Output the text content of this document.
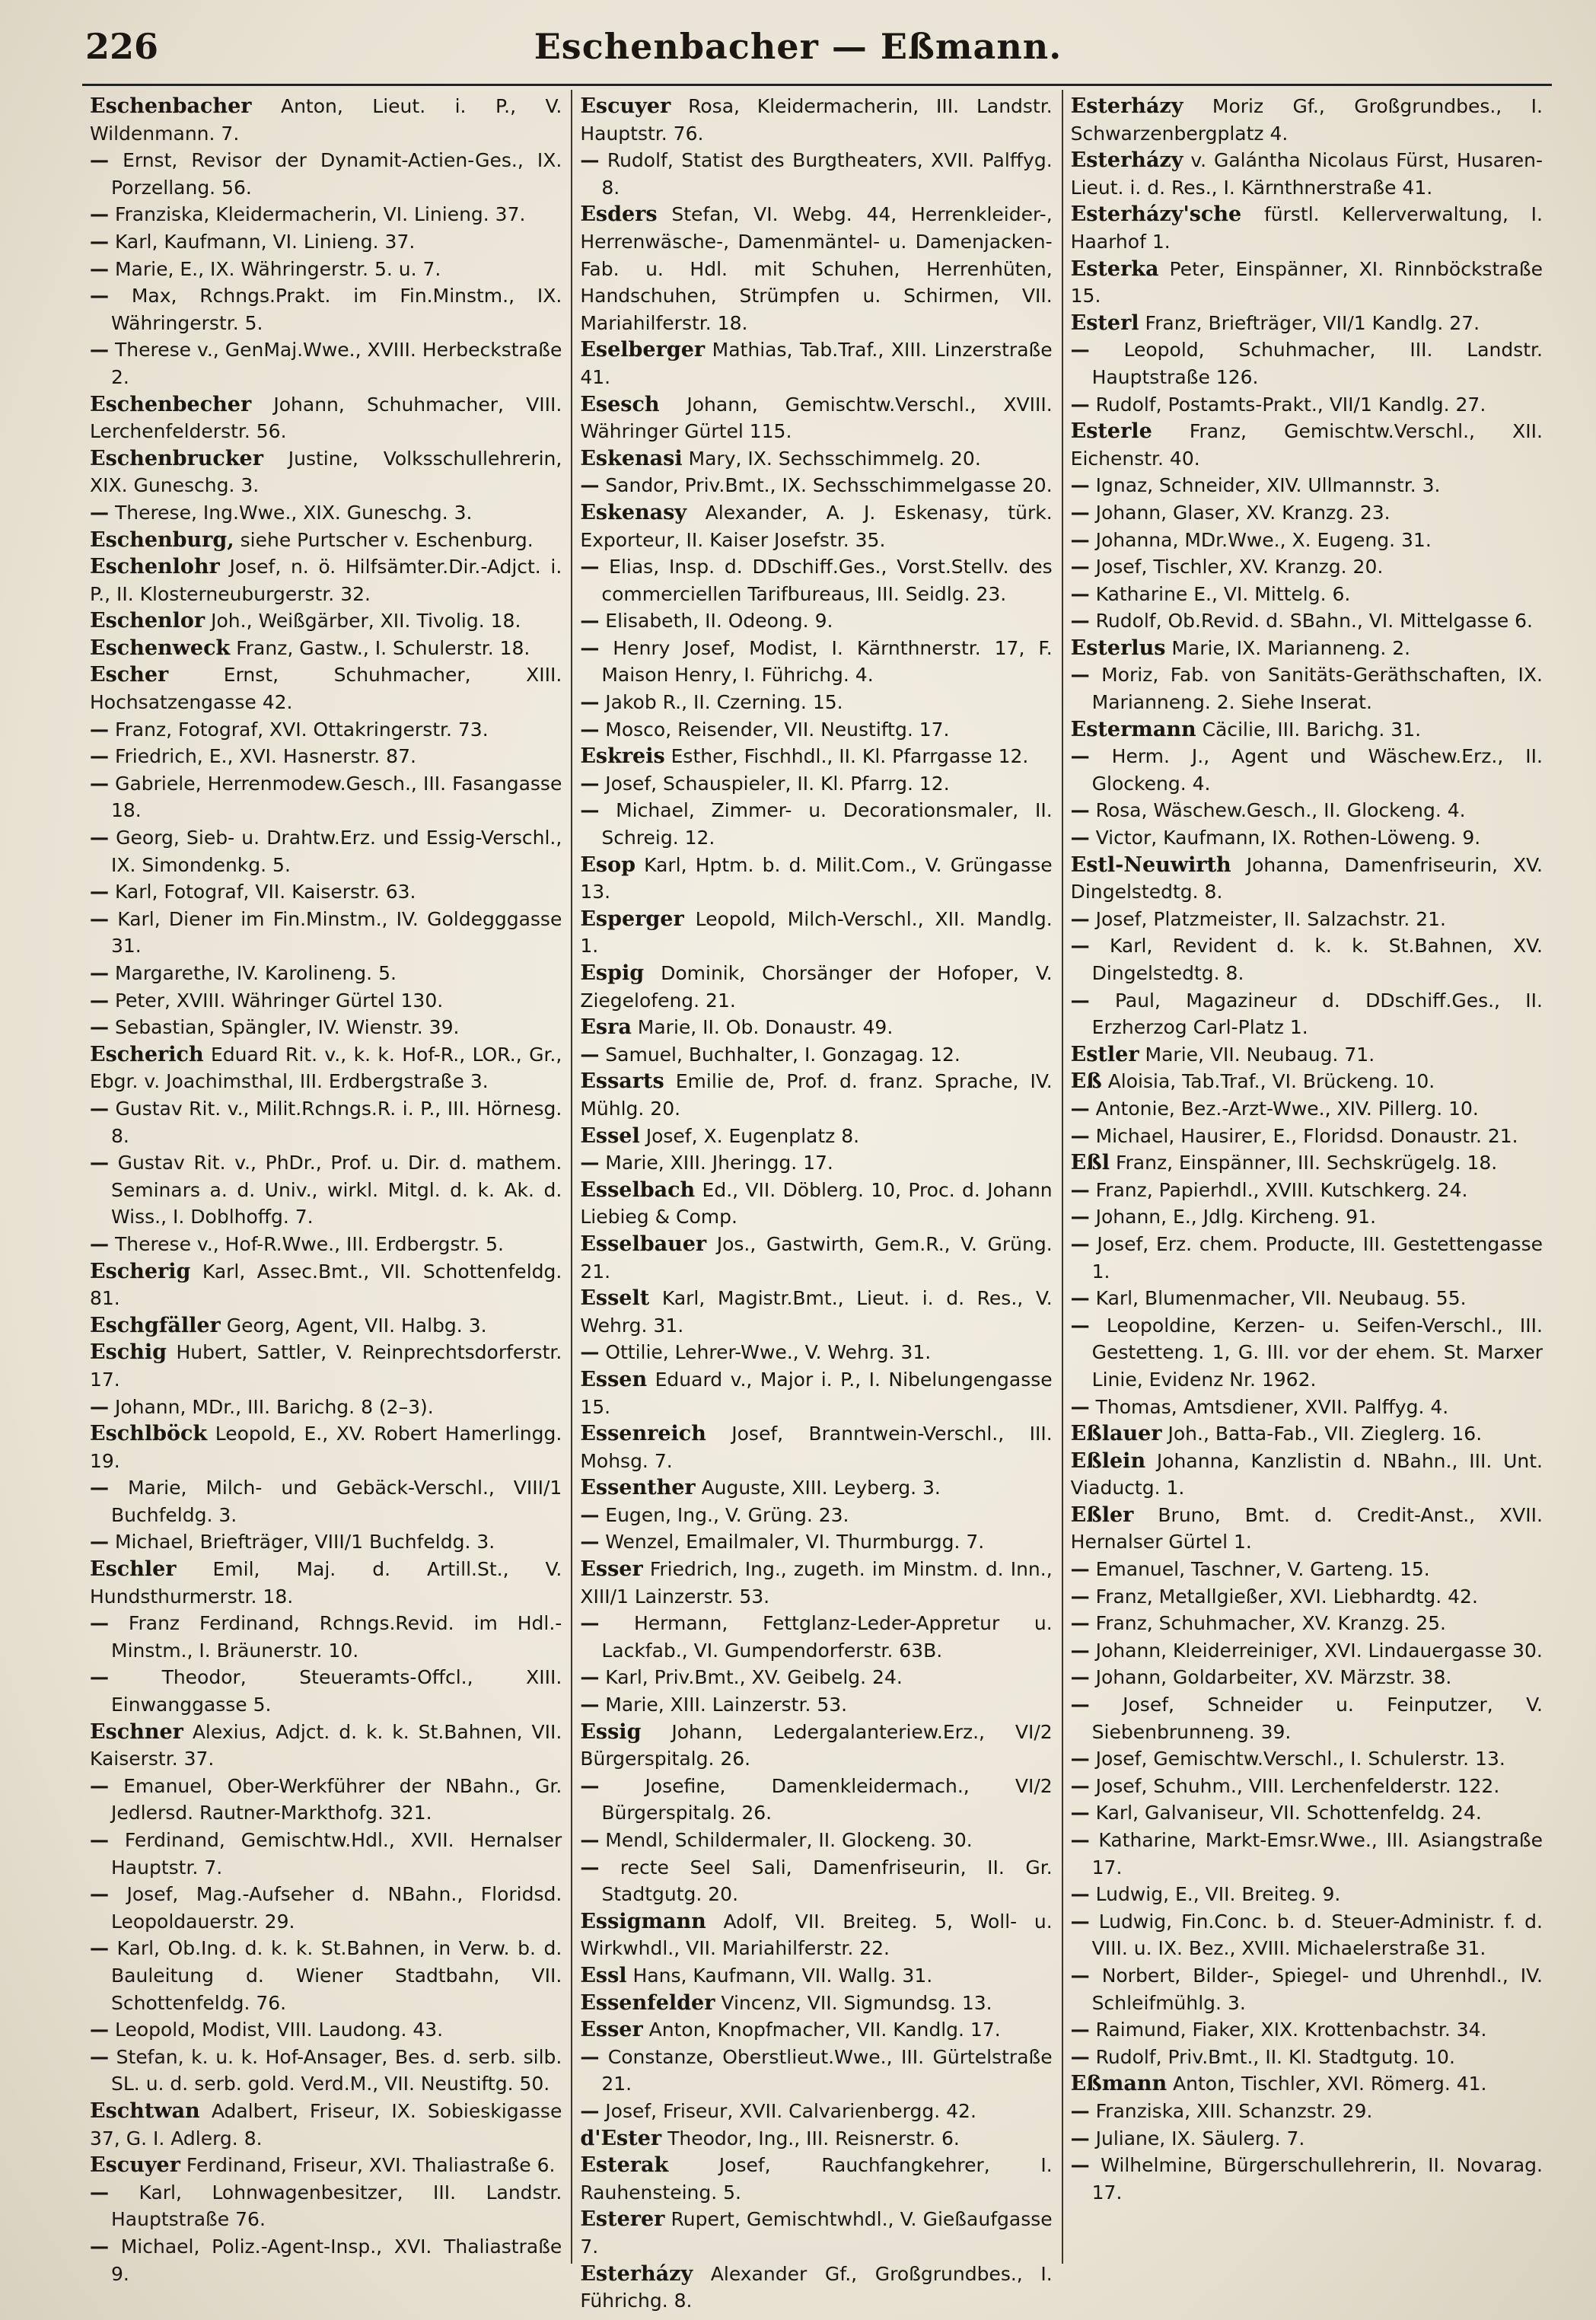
226	Eschenbacher — Eßmann.

Eschenbacher Anton, Lieut. i. P., V. Wildenmann. 7.

— Ernst, Revisor der Dynamit-Actien-Ges., IX. Porzellang. 56.

— Franziska, Kleidermacherin, VI. Linieng. 37.

— Karl, Kaufmann, VI. Linieng. 37.

— Marie, E., IX. Währingerstr. 5. u. 7.

— Max, Rchngs.Prakt. im Fin.Minstm., IX. Währingerstr. 5.

— Therese v., GenMaj.Wwe., XVIII. Herbeckstraße 2.

Eschenbecher Johann, Schuhmacher, VIII. Lerchenfelderstr. 56.

Eschenbrucker Justine, Volksschullehrerin, XIX. Guneschg. 3.

— Therese, Ing.Wwe., XIX. Guneschg. 3.

Eschenburg, siehe Purtscher v. Eschenburg.

Eschenlohr Josef, n. ö. Hilfsämter.Dir.-Adjct. i. P., II. Klosterneuburgerstr. 32.

Eschenlor Joh., Weißgärber, XII. Tivolig. 18.

Eschenweck Franz, Gastw., I. Schulerstr. 18.

Escher	Ernst, Schuhmacher, XIII. Hochsatzengasse 42.

— Franz, Fotograf, XVI. Ottakringerstr. 73.

— Friedrich, E., XVI. Hasnerstr. 87.

— Gabriele, Herrenmodew.Gesch., III. Fasangasse 18.

— Georg, Sieb- u. Drahtw.Erz. und Essig-Verschl., IX. Simondenkg. 5.

— Karl, Fotograf, VII. Kaiserstr. 63.

— Karl, Diener im Fin.Minstm., IV. Goldegggasse 31.

— Margarethe, IV. Karolineng. 5.

— Peter, XVIII. Währinger Gürtel 130.

— Sebastian, Spängler, IV. Wienstr. 39.

Escherich Eduard Rit. v., k. k. Hof-R., LOR., Gr., Ebgr. v. Joachimsthal, III. Erdbergstraße 3.

— Gustav Rit. v., Milit.Rchngs.R. i. P., III. Hörnesg. 8.

— Gustav Rit. v., PhDr., Prof. u. Dir. d. mathem. Seminars a. d. Univ., wirkl. Mitgl. d. k. Ak. d. Wiss., I. Doblhoffg. 7.

— Therese v., Hof-R.Wwe., III. Erdbergstr. 5.

Escherig Karl, Assec.Bmt., VII. Schottenfeldg. 81.

Eschgfäller Georg, Agent, VII. Halbg. 3.

Eschig Hubert, Sattler, V. Reinprechtsdorferstr. 17.

— Johann, MDr., III. Barichg. 8 (2–3).

Eschlböck Leopold, E., XV. Robert Hamerlingg. 19.

— Marie, Milch- und Gebäck-Verschl., VIII/1 Buchfeldg. 3.

— Michael, Briefträger, VIII/1 Buchfeldg. 3.

Eschler Emil, Maj. d. Artill.St., V. Hundsthurmerstr. 18.

— Franz Ferdinand, Rchngs.Revid. im Hdl.-Minstm., I. Bräunerstr. 10.

—	Theodor, Steueramts-Offcl., XIII. Einwanggasse 5.

Eschner Alexius, Adjct. d. k. k. St.Bahnen, VII. Kaiserstr. 37.

— Emanuel, Ober-Werkführer der NBahn., Gr. Jedlersd. Rautner-Markthofg. 321.

— Ferdinand, Gemischtw.Hdl., XVII. Hernalser Hauptstr. 7.

— Josef, Mag.-Aufseher d. NBahn., Floridsd. Leopoldauerstr. 29.

— Karl, Ob.Ing. d. k. k. St.Bahnen, in Verw. b. d. Bauleitung d. Wiener Stadtbahn, VII. Schottenfeldg. 76.

— Leopold, Modist, VIII. Laudong. 43.

— Stefan, k. u. k. Hof-Ansager, Bes. d. serb. silb. SL. u. d. serb. gold. Verd.M., VII. Neustiftg. 50.

Eschtwan Adalbert, Friseur, IX. Sobieskigasse 37, G. I. Adlerg. 8.

Escuyer Ferdinand, Friseur, XVI. Thaliastraße 6.

— Karl, Lohnwagenbesitzer, III. Landstr. Hauptstraße 76.

— Michael, Poliz.-Agent-Insp., XVI. Thaliastraße 9.

Escuyer Rosa, Kleidermacherin, III. Landstr. Hauptstr. 76.

— Rudolf, Statist des Burgtheaters, XVII. Palffyg. 8.

Esders Stefan, VI. Webg. 44, Herrenkleider-, Herrenwäsche-, Damenmäntel- u. Damenjacken-Fab. u. Hdl. mit Schuhen, Herrenhüten, Handschuhen, Strümpfen u. Schirmen, VII. Mariahilferstr. 18.

Eselberger Mathias, Tab.Traf., XIII. Linzerstraße 41.

Esesch Johann, Gemischtw.Verschl., XVIII. Währinger Gürtel 115.

Eskenasi Mary, IX. Sechsschimmelg. 20.

— Sandor, Priv.Bmt., IX. Sechsschimmelgasse 20.

Eskenasy Alexander, A. J. Eskenasy, türk. Exporteur, II. Kaiser Josefstr. 35.

— Elias, Insp. d. DDschiff.Ges., Vorst.Stellv. des commerciellen Tarifbureaus, III. Seidlg. 23.

— Elisabeth, II. Odeong. 9.

— Henry Josef, Modist, I. Kärnthnerstr. 17, F. Maison Henry, I. Führichg. 4.

— Jakob R., II. Czerning. 15.

— Mosco, Reisender, VII. Neustiftg. 17.

Eskreis Esther, Fischhdl., II. Kl. Pfarrgasse 12.

— Josef, Schauspieler, II. Kl. Pfarrg. 12.

— Michael, Zimmer- u. Decorationsmaler, II. Schreig. 12.

Esop Karl, Hptm. b. d. Milit.Com., V. Grüngasse 13.

Esperger Leopold, Milch-Verschl., XII. Mandlg. 1.

Espig Dominik, Chorsänger der Hofoper, V. Ziegelofeng. 21.

Esra Marie, II. Ob. Donaustr. 49.

— Samuel, Buchhalter, I. Gonzagag. 12.

Essarts Emilie de, Prof. d. franz. Sprache, IV. Mühlg. 20.

Essel Josef, X. Eugenplatz 8.

— Marie, XIII. Jheringg. 17.

Esselbach Ed., VII. Döblerg. 10, Proc. d. Johann Liebieg & Comp.

Esselbauer Jos., Gastwirth, Gem.R., V. Grüng. 21.

Esselt Karl, Magistr.Bmt., Lieut. i. d. Res., V. Wehrg. 31.

— Ottilie, Lehrer-Wwe., V. Wehrg. 31.

Essen Eduard v., Major i. P., I. Nibelungengasse 15.

Essenreich Josef, Branntwein-Verschl., III. Mohsg. 7.

Essenther Auguste, XIII. Leyberg. 3.

— Eugen, Ing., V. Grüng. 23.

— Wenzel, Emailmaler, VI. Thurmburgg. 7.

Esser Friedrich, Ing., zugeth. im Minstm. d. Inn., XIII/1 Lainzerstr. 53.

— Hermann, Fettglanz-Leder-Appretur u. Lackfab., VI. Gumpendorferstr. 63B.

— Karl, Priv.Bmt., XV. Geibelg. 24.

— Marie, XIII. Lainzerstr. 53.

Essig Johann, Ledergalanteriew.Erz., VI/2 Bürgerspitalg. 26.

— Josefine, Damenkleidermach., VI/2 Bürgerspitalg. 26.

— Mendl, Schildermaler, II. Glockeng. 30.

— recte Seel Sali, Damenfriseurin, II. Gr. Stadtgutg. 20.

Essigmann Adolf, VII. Breiteg. 5, Woll- u. Wirkwhdl., VII. Mariahilferstr. 22.

Essl Hans, Kaufmann, VII. Wallg. 31.

Essenfelder Vincenz, VII. Sigmundsg. 13.

Esser Anton, Knopfmacher, VII. Kandlg. 17.

— Constanze, Oberstlieut.Wwe., III. Gürtelstraße 21.

— Josef, Friseur, XVII. Calvarienbergg. 42.

d'Ester Theodor, Ing., III. Reisnerstr. 6.

Esterak	Josef, Rauchfangkehrer, I. Rauhensteing. 5.

Esterer Rupert, Gemischtwhdl., V. Gießaufgasse 7.

Esterházy Alexander Gf., Großgrundbes., I. Führichg. 8.

Esterházy Moriz Gf., Großgrundbes., I. Schwarzenbergplatz 4.

Esterházy v. Galántha Nicolaus Fürst, Husaren-Lieut. i. d. Res., I. Kärnthnerstraße 41.

Esterházy'sche fürstl. Kellerverwaltung, I. Haarhof 1.

Esterka Peter, Einspänner, XI. Rinnböckstraße 15.

Esterl Franz, Briefträger, VII/1 Kandlg. 27.

— Leopold, Schuhmacher, III. Landstr. Hauptstraße 126.

— Rudolf, Postamts-Prakt., VII/1 Kandlg. 27.

Esterle Franz, Gemischtw.Verschl., XII. Eichenstr. 40.

— Ignaz, Schneider, XIV. Ullmannstr. 3.

— Johann, Glaser, XV. Kranzg. 23.

— Johanna, MDr.Wwe., X. Eugeng. 31.

— Josef, Tischler, XV. Kranzg. 20.

— Katharine E., VI. Mittelg. 6.

— Rudolf, Ob.Revid. d. SBahn., VI. Mittelgasse 6.

Esterlus Marie, IX. Marianneng. 2.

— Moriz, Fab. von Sanitäts-Geräthschaften, IX. Marianneng. 2. Siehe Inserat.

Estermann Cäcilie, III. Barichg. 31.

— Herm. J., Agent und Wäschew.Erz., II. Glockeng. 4.

— Rosa, Wäschew.Gesch., II. Glockeng. 4.

— Victor, Kaufmann, IX. Rothen-Löweng. 9.

Estl-Neuwirth Johanna, Damenfriseurin, XV. Dingelstedtg. 8.

— Josef, Platzmeister, II. Salzachstr. 21.

— Karl, Revident d. k. k. St.Bahnen, XV. Dingelstedtg. 8.

— Paul, Magazineur d. DDschiff.Ges., II. Erzherzog Carl-Platz 1.

Estler Marie, VII. Neubaug. 71.

Eß Aloisia, Tab.Traf., VI. Brückeng. 10.

— Antonie, Bez.-Arzt-Wwe., XIV. Pillerg. 10.

— Michael, Hausirer, E., Floridsd. Donaustr. 21.

Eßl Franz, Einspänner, III. Sechskrügelg. 18.

— Franz, Papierhdl., XVIII. Kutschkerg. 24.

— Johann, E., Jdlg. Kircheng. 91.

— Josef, Erz. chem. Producte, III. Gestettengasse 1.

— Karl, Blumenmacher, VII. Neubaug. 55.

— Leopoldine, Kerzen- u. Seifen-Verschl., III. Gestetteng. 1, G. III. vor der ehem. St. Marxer Linie, Evidenz Nr. 1962.

— Thomas, Amtsdiener, XVII. Palffyg. 4.

Eßlauer Joh., Batta-Fab., VII. Zieglerg. 16.

Eßlein Johanna, Kanzlistin d. NBahn., III. Unt. Viaductg. 1.

Eßler Bruno, Bmt. d. Credit-Anst., XVII. Hernalser Gürtel 1.

— Emanuel, Taschner, V. Garteng. 15.

— Franz, Metallgießer, XVI. Liebhardtg. 42.

— Franz, Schuhmacher, XV. Kranzg. 25.

— Johann, Kleiderreiniger, XVI. Lindauergasse 30.

— Johann, Goldarbeiter, XV. Märzstr. 38.

— Josef, Schneider u. Feinputzer, V. Siebenbrunneng. 39.

— Josef, Gemischtw.Verschl., I. Schulerstr. 13.

— Josef, Schuhm., VIII. Lerchenfelderstr. 122.

— Karl, Galvaniseur, VII. Schottenfeldg. 24.

— Katharine, Markt-Emsr.Wwe., III. Asiangstraße 17.

— Ludwig, E., VII. Breiteg. 9.

— Ludwig, Fin.Conc. b. d. Steuer-Administr. f. d. VIII. u. IX. Bez., XVIII. Michaelerstraße 31.

— Norbert, Bilder-, Spiegel- und Uhrenhdl., IV. Schleifmühlg. 3.

— Raimund, Fiaker, XIX. Krottenbachstr. 34.

— Rudolf, Priv.Bmt., II. Kl. Stadtgutg. 10.

Eßmann Anton, Tischler, XVI. Römerg. 41.

— Franziska, XIII. Schanzstr. 29.

— Juliane, IX. Säulerg. 7.

— Wilhelmine, Bürgerschullehrerin, II. Novarag. 17.
